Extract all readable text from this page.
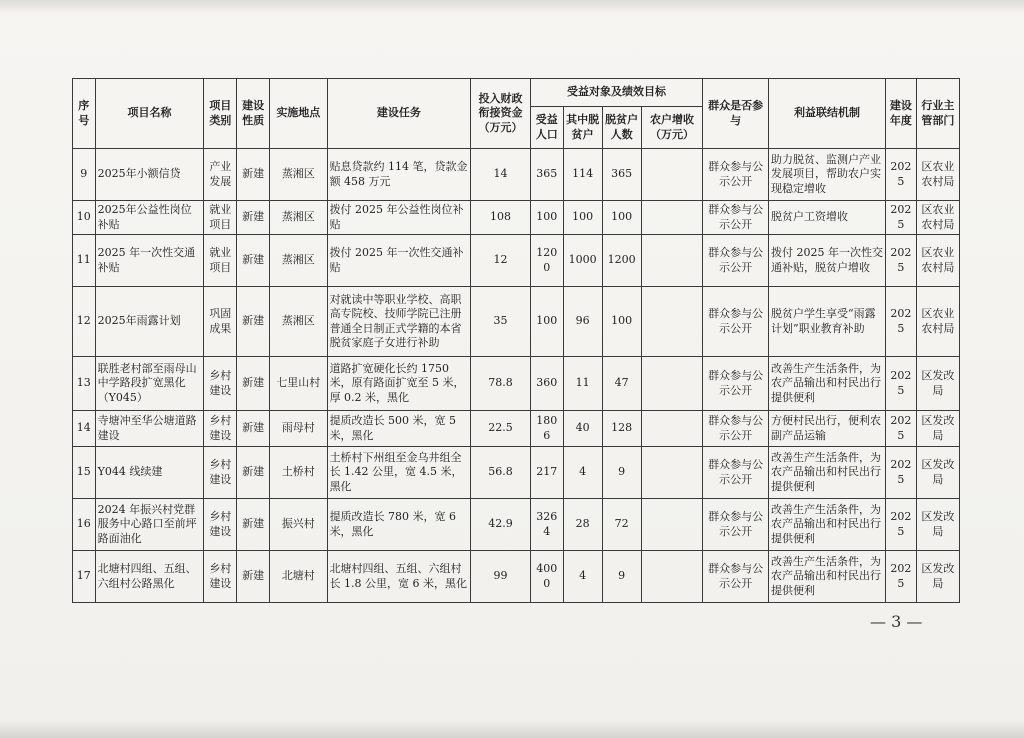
序号	项目名称	项目类别	建设性质	实施地点	建设任务	投入财政衔接资金（万元）	受益对象及绩效目标				群众是否参与	利益联结机制	建设年度	行业主管部门
							受益人口	其中脱贫户	脱贫户人数	农户增收（万元）				
9	2025年小额信贷	产业发展	新建	蒸湘区	贴息贷款约 114 笔，贷款金额 458 万元	14	365	114	365		群众参与公示公开	助力脱贫、监测户产业发展项目，帮助农户实现稳定增收	2025	区农业农村局
10	2025年公益性岗位补贴	就业项目	新建	蒸湘区	拨付 2025 年公益性岗位补贴	108	100	100	100		群众参与公示公开	脱贫户工资增收	2025	区农业农村局
11	2025 年一次性交通补贴	就业项目	新建	蒸湘区	拨付 2025 年一次性交通补贴	12	1200	1000	1200		群众参与公示公开	拨付 2025 年一次性交通补贴，脱贫户增收	2025	区农业农村局
12	2025年雨露计划	巩固成果	新建	蒸湘区	对就读中等职业学校、高职高专院校、技师学院已注册普通全日制正式学籍的本省脱贫家庭子女进行补助	35	100	96	100		群众参与公示公开	脱贫户学生享受“雨露计划”职业教育补助	2025	区农业农村局
13	联胜老村部至雨母山中学路段扩宽黑化（Y045）	乡村建设	新建	七里山村	道路扩宽硬化长约 1750 米，原有路面扩宽至 5 米，厚 0.2 米，黑化	78.8	360	11	47		群众参与公示公开	改善生产生活条件，为农产品输出和村民出行提供便利	2025	区发改局
14	寺塘冲至华公塘道路建设	乡村建设	新建	雨母村	提质改造长 500 米，宽 5 米，黑化	22.5	1806	40	128		群众参与公示公开	方便村民出行，便利农副产品运输	2025	区发改局
15	Y044 线续建	乡村建设	新建	土桥村	土桥村下州组至金乌井组全长 1.42 公里，宽 4.5 米，黑化	56.8	217	4	9		群众参与公示公开	改善生产生活条件，为农产品输出和村民出行提供便利	2025	区发改局
16	2024 年振兴村党群服务中心路口至前坪路面油化	乡村建设	新建	振兴村	提质改造长 780 米，宽 6 米，黑化	42.9	3264	28	72		群众参与公示公开	改善生产生活条件，为农产品输出和村民出行提供便利	2025	区发改局
17	北塘村四组、五组、六组村公路黑化	乡村建设	新建	北塘村	北塘村四组、五组、六组村长 1.8 公里，宽 6 米，黑化	99	4000	4	9		群众参与公示公开	改善生产生活条件，为农产品输出和村民出行提供便利	2025	区发改局
— 3 —
